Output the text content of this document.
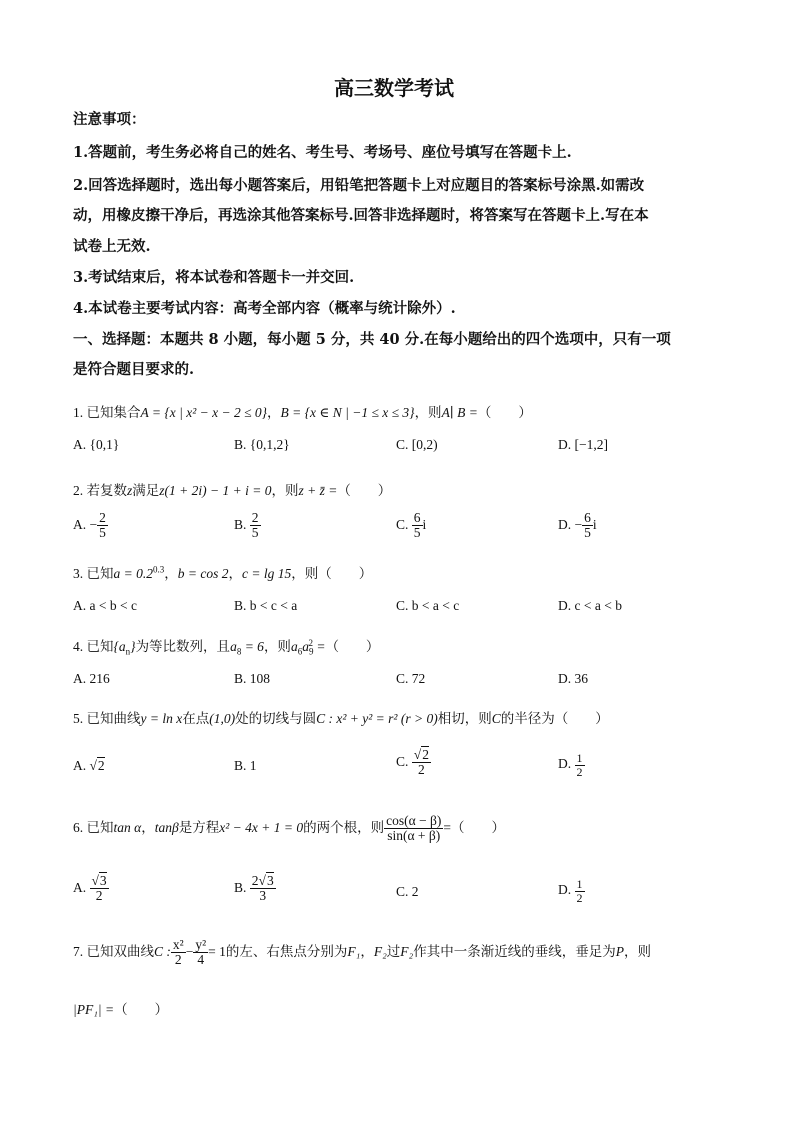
高三数学考试
注意事项：
1.答题前，考生务必将自己的姓名、考生号、考场号、座位号填写在答题卡上.
2.回答选择题时，选出每小题答案后，用铅笔把答题卡上对应题目的答案标号涂黑.如需改
动，用橡皮擦干净后，再选涂其他答案标号.回答非选择题时，将答案写在答题卡上.写在本
试卷上无效.
3.考试结束后，将本试卷和答题卡一并交回.
4.本试卷主要考试内容：高考全部内容（概率与统计除外）.
一、选择题：本题共 8 小题，每小题 5 分，共 40 分.在每小题给出的四个选项中，只有一项
是符合题目要求的.
1. 已知集合A = {x | x² − x − 2 ≤ 0}，B = {x ∈ N | −1 ≤ x ≤ 3}，则A∣ B =（　　）
A. {0,1}	B. {0,1,2}	C. [0,2)	D. [−1,2]
2. 若复数z满足z(1 + 2i) − 1 + i = 0，则z + z̄ =（　　）
A. − $\frac{2}{5}$	B. $\frac{2}{5}$	C. $\frac{6}{5}$ i	D. − $\frac{6}{5}$ i
3. 已知$a = 0.2^{0.3}$，b = cos 2，c = lg 15，则（　　）
A. a < b < c	B. b < c < a	C. b < a < c	D. c < a < b
4. 已知$\{a_n\}$为等比数列，且$a_8 = 6$，则$a_6a_9^2$ =（　　）
A. 216	B. 108	C. 72	D. 36
5. 已知曲线y = ln x在点(1,0)处的切线与圆C : x² + y² = r² (r > 0)相切，则C的半径为（　　）
A. √2	B. 1	C. $\frac{√2}{2}$	D. $\frac{1}{2}$
6. 已知tan α，tanβ是方程x² − 4x + 1 = 0的两个根，则 $\frac{\cos(\alpha - \beta)}{\sin(\alpha + \beta)}$ =（　　）
A. $\frac{√3}{2}$	B. $\frac{2√3}{3}$	C. 2	D. $\frac{1}{2}$
7. 已知双曲线C : $\frac{\text{x²}}{2} - \frac{\text{y²}}{4} = 1$的左、右焦点分别为F₁，F₂过F₂作其中一条渐近线的垂线，垂足为P，则
|PF₁| =（　　）
